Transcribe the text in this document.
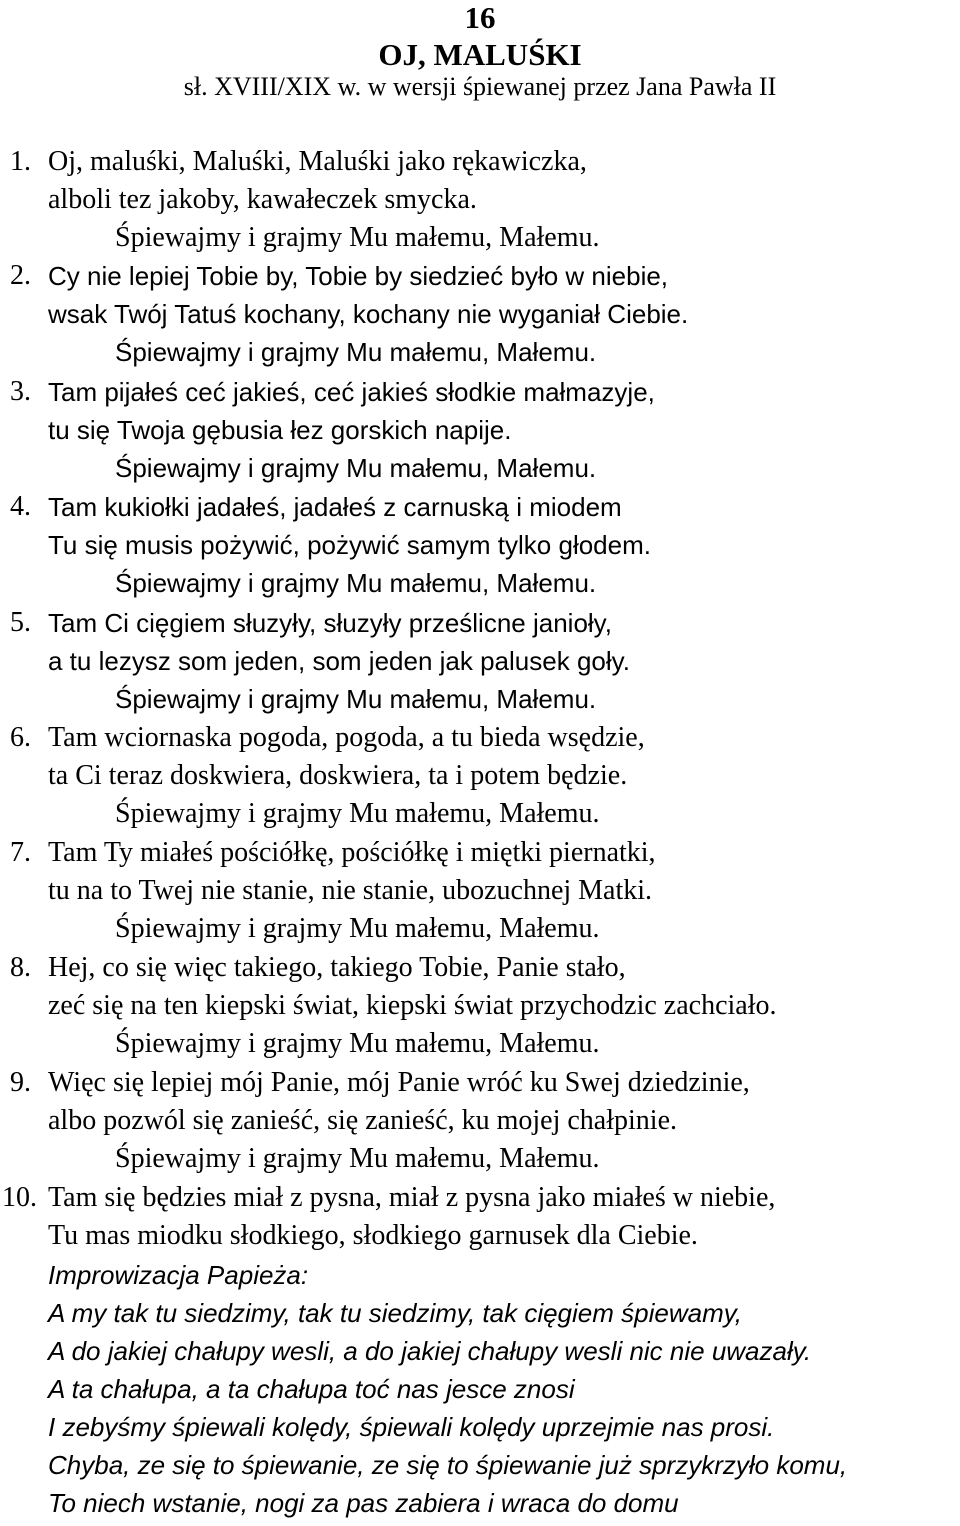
16
OJ, MALUŚKI
sł. XVIII/XIX w. w wersji śpiewanej przez Jana Pawła II
1. Oj, maluśki, Maluśki, Maluśki jako rękawiczka,
alboli tez jakoby, kawałeczek smycka.
Śpiewajmy i grajmy Mu małemu, Małemu.
2. Cy nie lepiej Tobie by, Tobie by siedzieć było w niebie,
wsak Twój Tatuś kochany, kochany nie wyganiał Ciebie.
Śpiewajmy i grajmy Mu małemu, Małemu.
3. Tam pijałeś ceć jakieś, ceć jakieś słodkie małmazyje,
tu się Twoja gębusia łez gorskich napije.
Śpiewajmy i grajmy Mu małemu, Małemu.
4. Tam kukiołki jadałeś, jadałeś z carnuską i miodem
Tu się musis pożywić, pożywić samym tylko głodem.
Śpiewajmy i grajmy Mu małemu, Małemu.
5. Tam Ci cięgiem słuzyły, słuzyły prześlicne janioły,
a tu lezysz som jeden, som jeden jak palusek goły.
Śpiewajmy i grajmy Mu małemu, Małemu.
6. Tam wciornaska pogoda, pogoda, a tu bieda wsędzie,
ta Ci teraz doskwiera, doskwiera, ta i potem będzie.
Śpiewajmy i grajmy Mu małemu, Małemu.
7. Tam Ty miałeś pościółkę, pościółkę i miętki piernatki,
tu na to Twej nie stanie, nie stanie, ubozuchnej Matki.
Śpiewajmy i grajmy Mu małemu, Małemu.
8. Hej, co się więc takiego, takiego Tobie, Panie stało,
zeć się na ten kiepski świat, kiepski świat przychodzic zachciało.
Śpiewajmy i grajmy Mu małemu, Małemu.
9. Więc się lepiej mój Panie, mój Panie wróć ku Swej dziedzinie,
albo pozwól się zanieść, się zanieść, ku mojej chałpinie.
Śpiewajmy i grajmy Mu małemu, Małemu.
10. Tam się będzies miał z pysna, miał z pysna jako miałeś w niebie,
Tu mas miodku słodkiego, słodkiego garnusek dla Ciebie.
Improwizacja Papieża:
A my tak tu siedzimy, tak tu siedzimy, tak cięgiem śpiewamy,
A do jakiej chałupy wesli, a do jakiej chałupy wesli nic nie uwazały.
A ta chałupa, a ta chałupa toć nas jesce znosi
I zebyśmy śpiewali kolędy, śpiewali kolędy uprzejmie nas prosi.
Chyba, ze się to śpiewanie, ze się to śpiewanie już sprzykrzyło komu,
To niech wstanie, nogi za pas zabiera i wraca do domu
